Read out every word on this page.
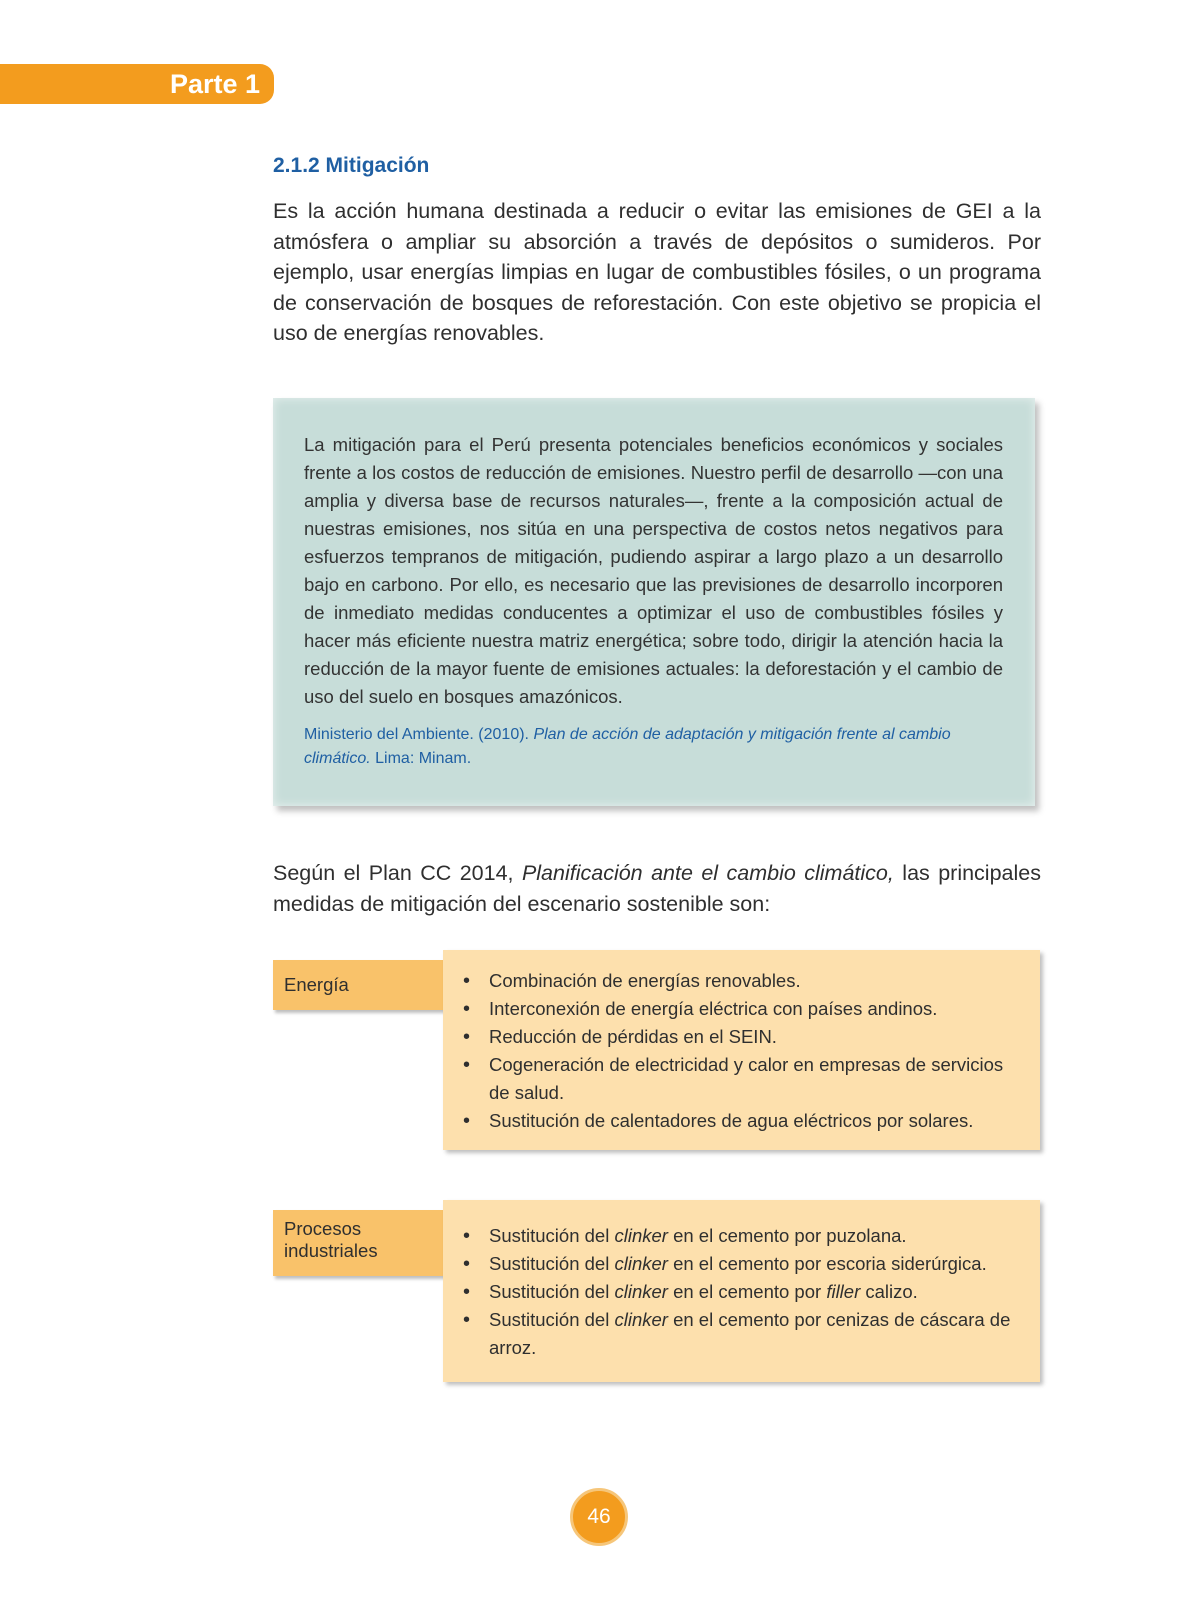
Parte 1
2.1.2 Mitigación

Es la acción humana destinada a reducir o evitar las emisiones de GEI a la atmósfera o ampliar su absorción a través de depósitos o sumideros. Por ejemplo, usar energías limpias en lugar de combustibles fósiles, o un programa de conservación de bosques de reforestación. Con este objetivo se propicia el uso de energías renovables.

La mitigación para el Perú presenta potenciales beneficios económicos y sociales frente a los costos de reducción de emisiones. Nuestro perfil de desarrollo —con una amplia y diversa base de recursos naturales—, frente a la composición actual de nuestras emisiones, nos sitúa en una perspectiva de costos netos negativos para esfuerzos tempranos de mitigación, pudiendo aspirar a largo plazo a un desarrollo bajo en carbono. Por ello, es necesario que las previsiones de desarrollo incorporen de inmediato medidas conducentes a optimizar el uso de combustibles fósiles y hacer más eficiente nuestra matriz energética; sobre todo, dirigir la atención hacia la reducción de la mayor fuente de emisiones actuales: la deforestación y el cambio de uso del suelo en bosques amazónicos.

Ministerio del Ambiente. (2010). Plan de acción de adaptación y mitigación frente al cambio climático. Lima: Minam.

Según el Plan CC 2014, Planificación ante el cambio climático, las principales medidas de mitigación del escenario sostenible son:

Energía
•	Combinación de energías renovables.
• Interconexión de energía eléctrica con países andinos.
• Reducción de pérdidas en el SEIN.
• Cogeneración de electricidad y calor en empresas de servicios de salud.
• Sustitución de calentadores de agua eléctricos por solares.
Procesos industriales
• Sustitución del clinker en el cemento por puzolana.
• Sustitución del clinker en el cemento por escoria siderúrgica.
• Sustitución del clinker en el cemento por filler calizo.
• Sustitución del clinker en el cemento por cenizas de cáscara de arroz.
46
